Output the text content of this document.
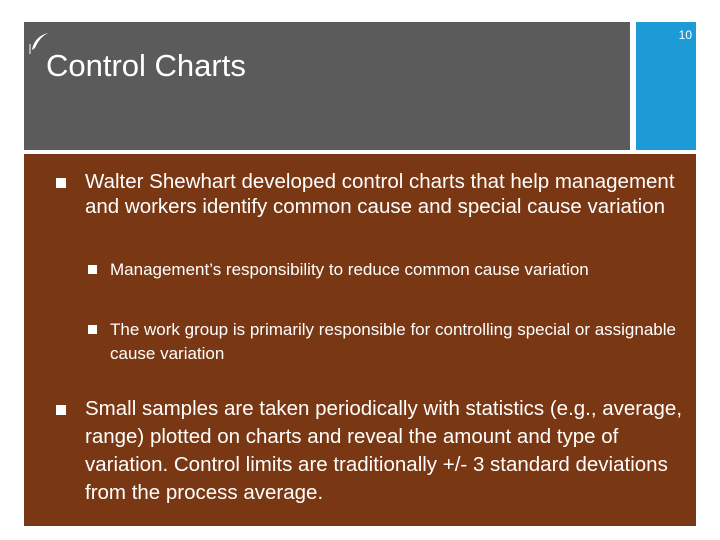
10
Control Charts

Walter Shewhart developed control charts that help management and workers identify common cause and special cause variation

Management’s responsibility to reduce common cause variation

The work group is primarily responsible for controlling special or assignable cause variation

Small samples are taken periodically with statistics (e.g., average, range) plotted on charts and reveal the amount and type of variation. Control limits are traditionally +/- 3 standard deviations from the process average.
